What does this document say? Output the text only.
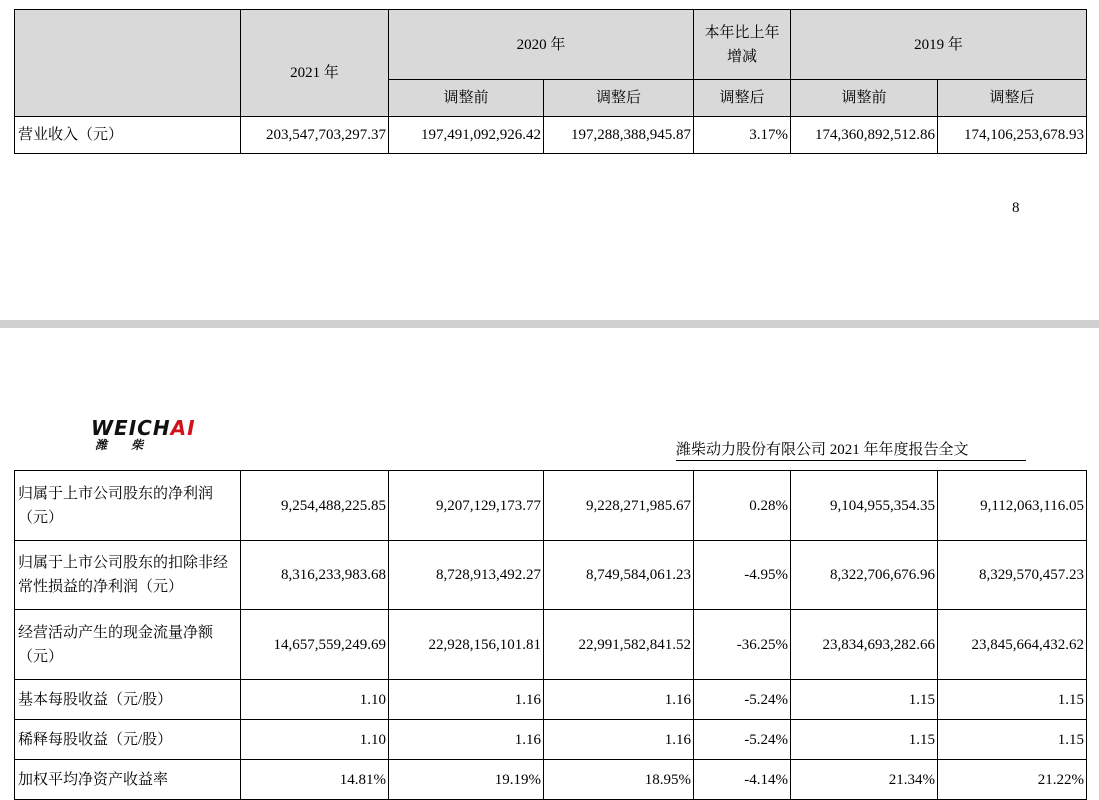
	2021 年	2020 年		本年比上年增减	2019 年	
		调整前	调整后	调整后	调整前	调整后
营业收入（元）	203,547,703,297.37	197,491,092,926.42	197,288,388,945.87	3.17%	174,360,892,512.86	174,106,253,678.93
8
WEICHAI
潍 柴	潍柴动力股份有限公司 2021 年年度报告全文
归属于上市公司股东的净利润（元）	9,254,488,225.85	9,207,129,173.77	9,228,271,985.67	0.28%	9,104,955,354.35	9,112,063,116.05
归属于上市公司股东的扣除非经常性损益的净利润（元）	8,316,233,983.68	8,728,913,492.27	8,749,584,061.23	-4.95%	8,322,706,676.96	8,329,570,457.23
经营活动产生的现金流量净额（元）	14,657,559,249.69	22,928,156,101.81	22,991,582,841.52	-36.25%	23,834,693,282.66	23,845,664,432.62
基本每股收益（元/股）	1.10	1.16	1.16	-5.24%	1.15	1.15
稀释每股收益（元/股）	1.10	1.16	1.16	-5.24%	1.15	1.15
加权平均净资产收益率	14.81%	19.19%	18.95%	-4.14%	21.34%	21.22%
